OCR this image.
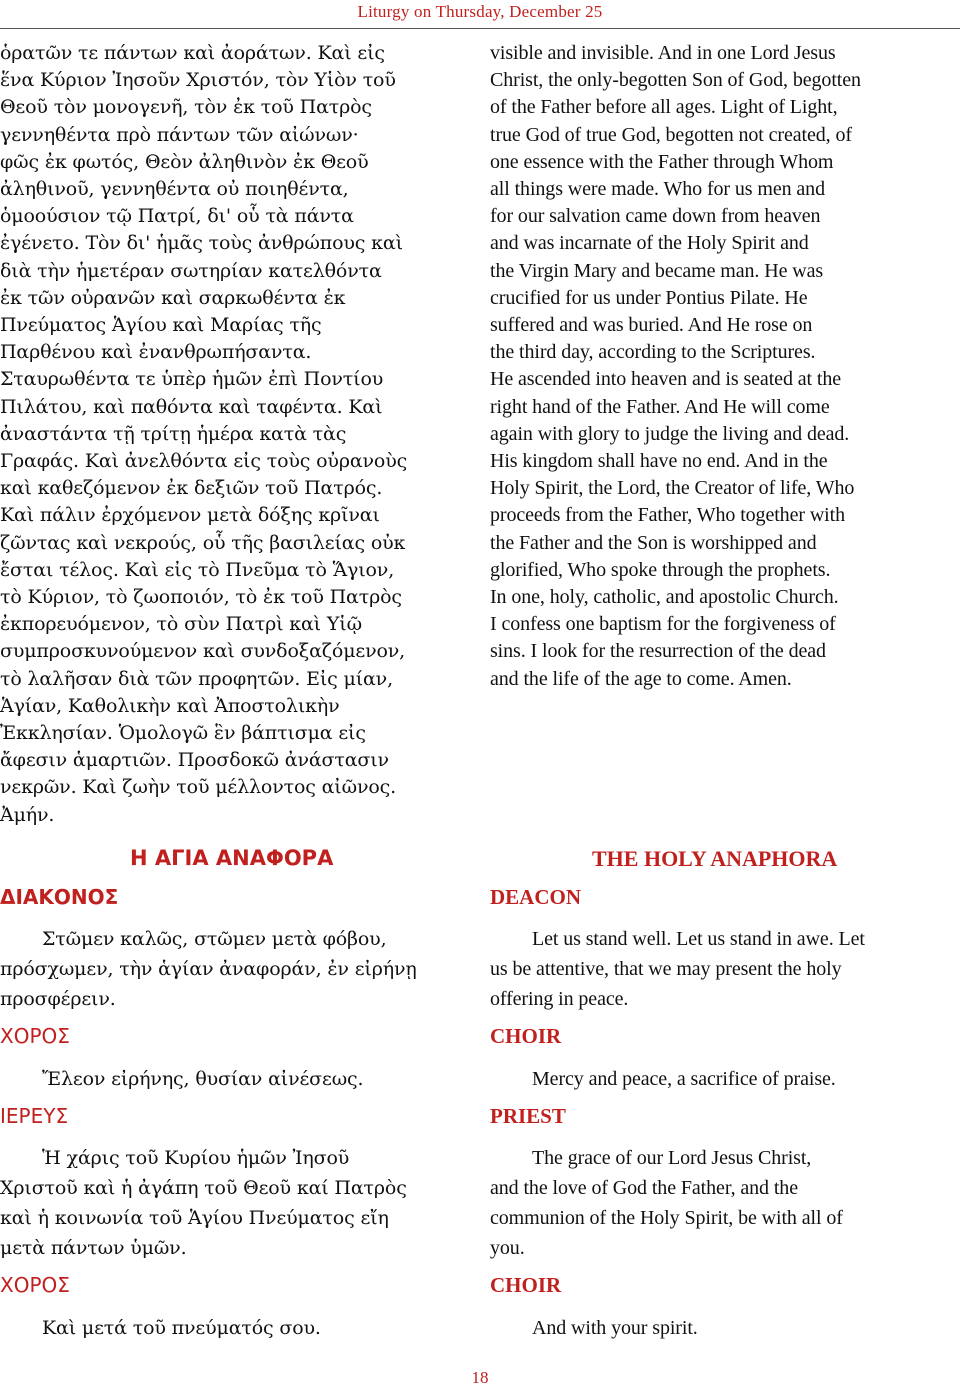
Liturgy on Thursday, December 25
ὁρατῶν τε πάντων καὶ ἀοράτων. Καὶ εἰς
ἕνα Κύριον Ἰησοῦν Χριστόν, τὸν Υἱὸν τοῦ
Θεοῦ τὸν μονογενῆ, τὸν ἐκ τοῦ Πατρὸς
γεννηθέντα πρὸ πάντων τῶν αἰώνων·
φῶς ἐκ φωτός, Θεὸν ἀληθινὸν ἐκ Θεοῦ
ἀληθινοῦ, γεννηθέντα οὐ ποιηθέντα,
ὁμοούσιον τῷ Πατρί, δι' οὗ τὰ πάντα
ἐγένετο. Τὸν δι' ἡμᾶς τοὺς ἀνθρώπους καὶ
διὰ τὴν ἡμετέραν σωτηρίαν κατελθόντα
ἐκ τῶν οὐρανῶν καὶ σαρκωθέντα ἐκ
Πνεύματος Ἁγίου καὶ Μαρίας τῆς
Παρθένου καὶ ἐνανθρωπήσαντα.
Σταυρωθέντα τε ὑπὲρ ἡμῶν ἐπὶ Ποντίου
Πιλάτου, καὶ παθόντα καὶ ταφέντα. Καὶ
ἀναστάντα τῇ τρίτῃ ἡμέρα κατὰ τὰς
Γραφάς. Καὶ ἀνελθόντα εἰς τοὺς οὐρανοὺς
καὶ καθεζόμενον ἐκ δεξιῶν τοῦ Πατρός.
Καὶ πάλιν ἐρχόμενον μετὰ δόξης κρῖναι
ζῶντας καὶ νεκρούς, οὗ τῆς βασιλείας οὐκ
ἔσται τέλος. Καὶ εἰς τὸ Πνεῦμα τὸ Ἅγιον,
τὸ Κύριον, τὸ ζωοποιόν, τὸ ἐκ τοῦ Πατρὸς
ἐκπορευόμενον, τὸ σὺν Πατρὶ καὶ Υἱῷ
συμπροσκυνούμενον καὶ συνδοξαζόμενον,
τὸ λαλῆσαν διὰ τῶν προφητῶν. Εἰς μίαν,
Ἁγίαν, Καθολικὴν καὶ Ἀποστολικὴν
Ἐκκλησίαν. Ὁμολογῶ ἓν βάπτισμα εἰς
ἄφεσιν ἁμαρτιῶν. Προσδοκῶ ἀνάστασιν
νεκρῶν. Καὶ ζωὴν τοῦ μέλλοντος αἰῶνος.
Ἀμήν.
Η ΑΓΙΑ ΑΝΑΦΟΡΑ
ΔΙΑΚΟΝΟΣ
Στῶμεν καλῶς, στῶμεν μετὰ φόβου,
πρόσχωμεν, τὴν ἁγίαν ἀναφοράν, ἐν εἰρήνῃ
προσφέρειν.
ΧΟΡΟΣ
Ἔλεον εἰρήνης, θυσίαν αἰνέσεως.
ΙΕΡΕΥΣ
Ἡ χάρις τοῦ Κυρίου ἡμῶν Ἰησοῦ
Χριστοῦ καὶ ἡ ἀγάπη τοῦ Θεοῦ καί Πατρὸς
καὶ ἡ κοινωνία τοῦ Ἁγίου Πνεύματος εἴη
μετὰ πάντων ὑμῶν.
ΧΟΡΟΣ
Καὶ μετά τοῦ πνεύματός σου.
visible and invisible. And in one Lord Jesus
Christ, the only-begotten Son of God, begotten
of the Father before all ages. Light of Light,
true God of true God, begotten not created, of
one essence with the Father through Whom
all things were made. Who for us men and
for our salvation came down from heaven
and was incarnate of the Holy Spirit and
the Virgin Mary and became man. He was
crucified for us under Pontius Pilate. He
suffered and was buried. And He rose on
the third day, according to the Scriptures.
He ascended into heaven and is seated at the
right hand of the Father. And He will come
again with glory to judge the living and dead.
His kingdom shall have no end. And in the
Holy Spirit, the Lord, the Creator of life, Who
proceeds from the Father, Who together with
the Father and the Son is worshipped and
glorified, Who spoke through the prophets.
In one, holy, catholic, and apostolic Church.
I confess one baptism for the forgiveness of
sins. I look for the resurrection of the dead
and the life of the age to come. Amen.
THE HOLY ANAPHORA
DEACON
Let us stand well. Let us stand in awe. Let
us be attentive, that we may present the holy
offering in peace.
CHOIR
Mercy and peace, a sacrifice of praise.
PRIEST
The grace of our Lord Jesus Christ,
and the love of God the Father, and the
communion of the Holy Spirit, be with all of
you.
CHOIR
And with your spirit.
18
